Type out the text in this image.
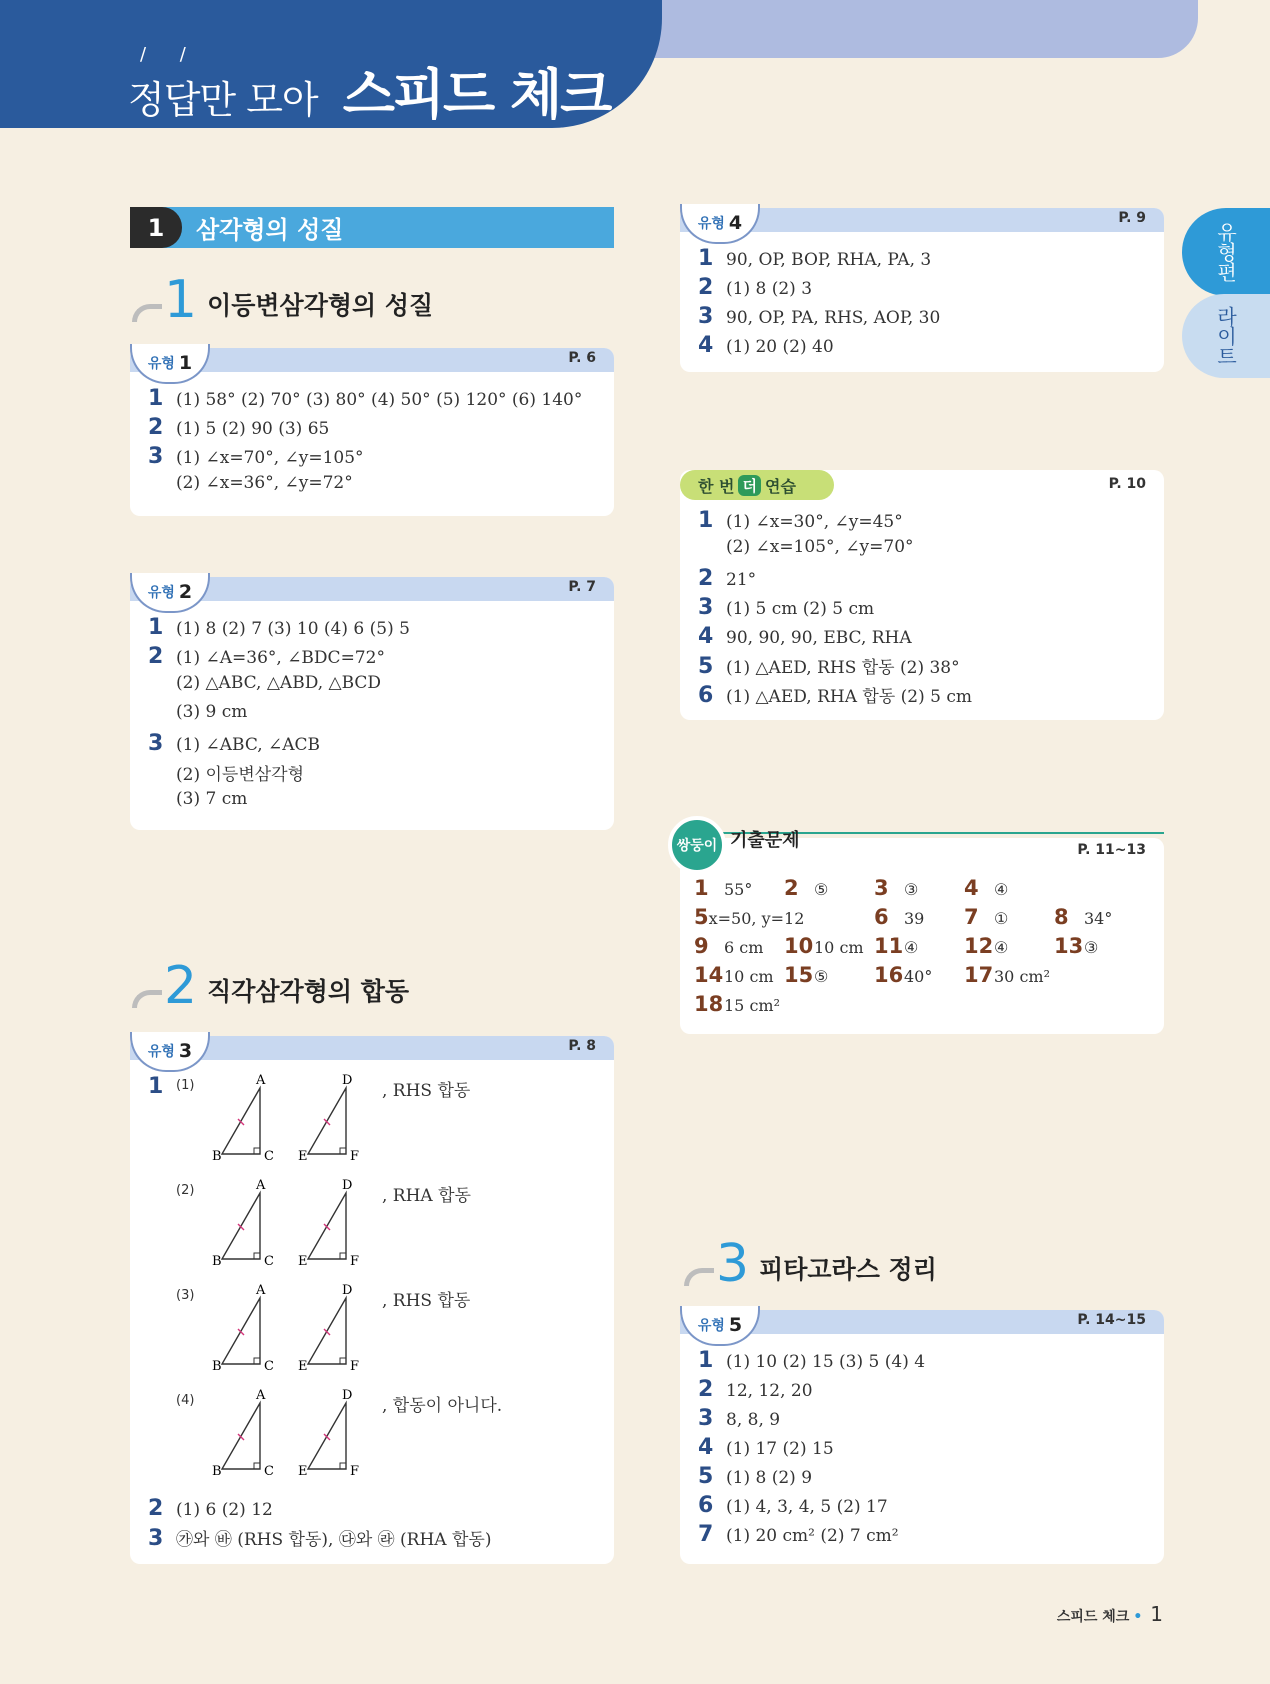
/ /
정답만 모아 스피드 체크
유형편
라이트
1	삼각형의 성질
1 이등변삼각형의 성질
유형 1	P. 6
1 (1) 58° (2) 70° (3) 80° (4) 50° (5) 120° (6) 140°
2 (1) 5 (2) 90 (3) 65
3 (1) ∠x=70°, ∠y=105°
(2) ∠x=36°, ∠y=72°
유형 2	P. 7
1 (1) 8 (2) 7 (3) 10 (4) 6 (5) 5
2 (1) ∠A=36°, ∠BDC=72°
(2) △ABC, △ABD, △BCD
(3) 9 cm
3 (1) ∠ABC, ∠ACB
(2) 이등변삼각형
(3) 7 cm
2 직각삼각형의 합동
유형 3	P. 8
1 (1)	A
B	C
D
E	F
, RHS 합동
(2)	A
B	C
D
E	F
, RHA 합동
(3)	A
B	C
D
E	F
, RHS 합동
(4)	A
B	C
D
E	F
, 합동이 아니다.
2 (1) 6 (2) 12
3 ㉮와 ㉳ (RHS 합동), ㉰와 ㉱ (RHA 합동)
유형 4	P. 9
1 90, OP, BOP, RHA, PA, 3
2 (1) 8 (2) 3
3 90, OP, PA, RHS, AOP, 30
4 (1) 20 (2) 40
한 번 더 연습	P. 10
1 (1) ∠x=30°, ∠y=45°
(2) ∠x=105°, ∠y=70°
2 21°
3 (1) 5 cm (2) 5 cm
4 90, 90, 90, EBC, RHA
5 (1) △AED, RHS 합동 (2) 38°
6 (1) △AED, RHA 합동 (2) 5 cm
쌍둥이 기출문제	P. 11~13
1 55° 2 ⑤ 3 ③ 4 ④
5 x=50, y=12	6 39 7 ① 8 34°
9 6 cm 10 10 cm 11 ④ 12 ④ 13 ③
14 10 cm 15 ⑤ 16 40° 17 30 cm²
18 15 cm²
3 피타고라스 정리
유형 5	P. 14~15
1 (1) 10 (2) 15 (3) 5 (4) 4
2 12, 12, 20
3 8, 8, 9
4 (1) 17 (2) 15
5 (1) 8 (2) 9
6 (1) 4, 3, 4, 5 (2) 17
7 (1) 20 cm² (2) 7 cm²
스피드 체크 • 1
